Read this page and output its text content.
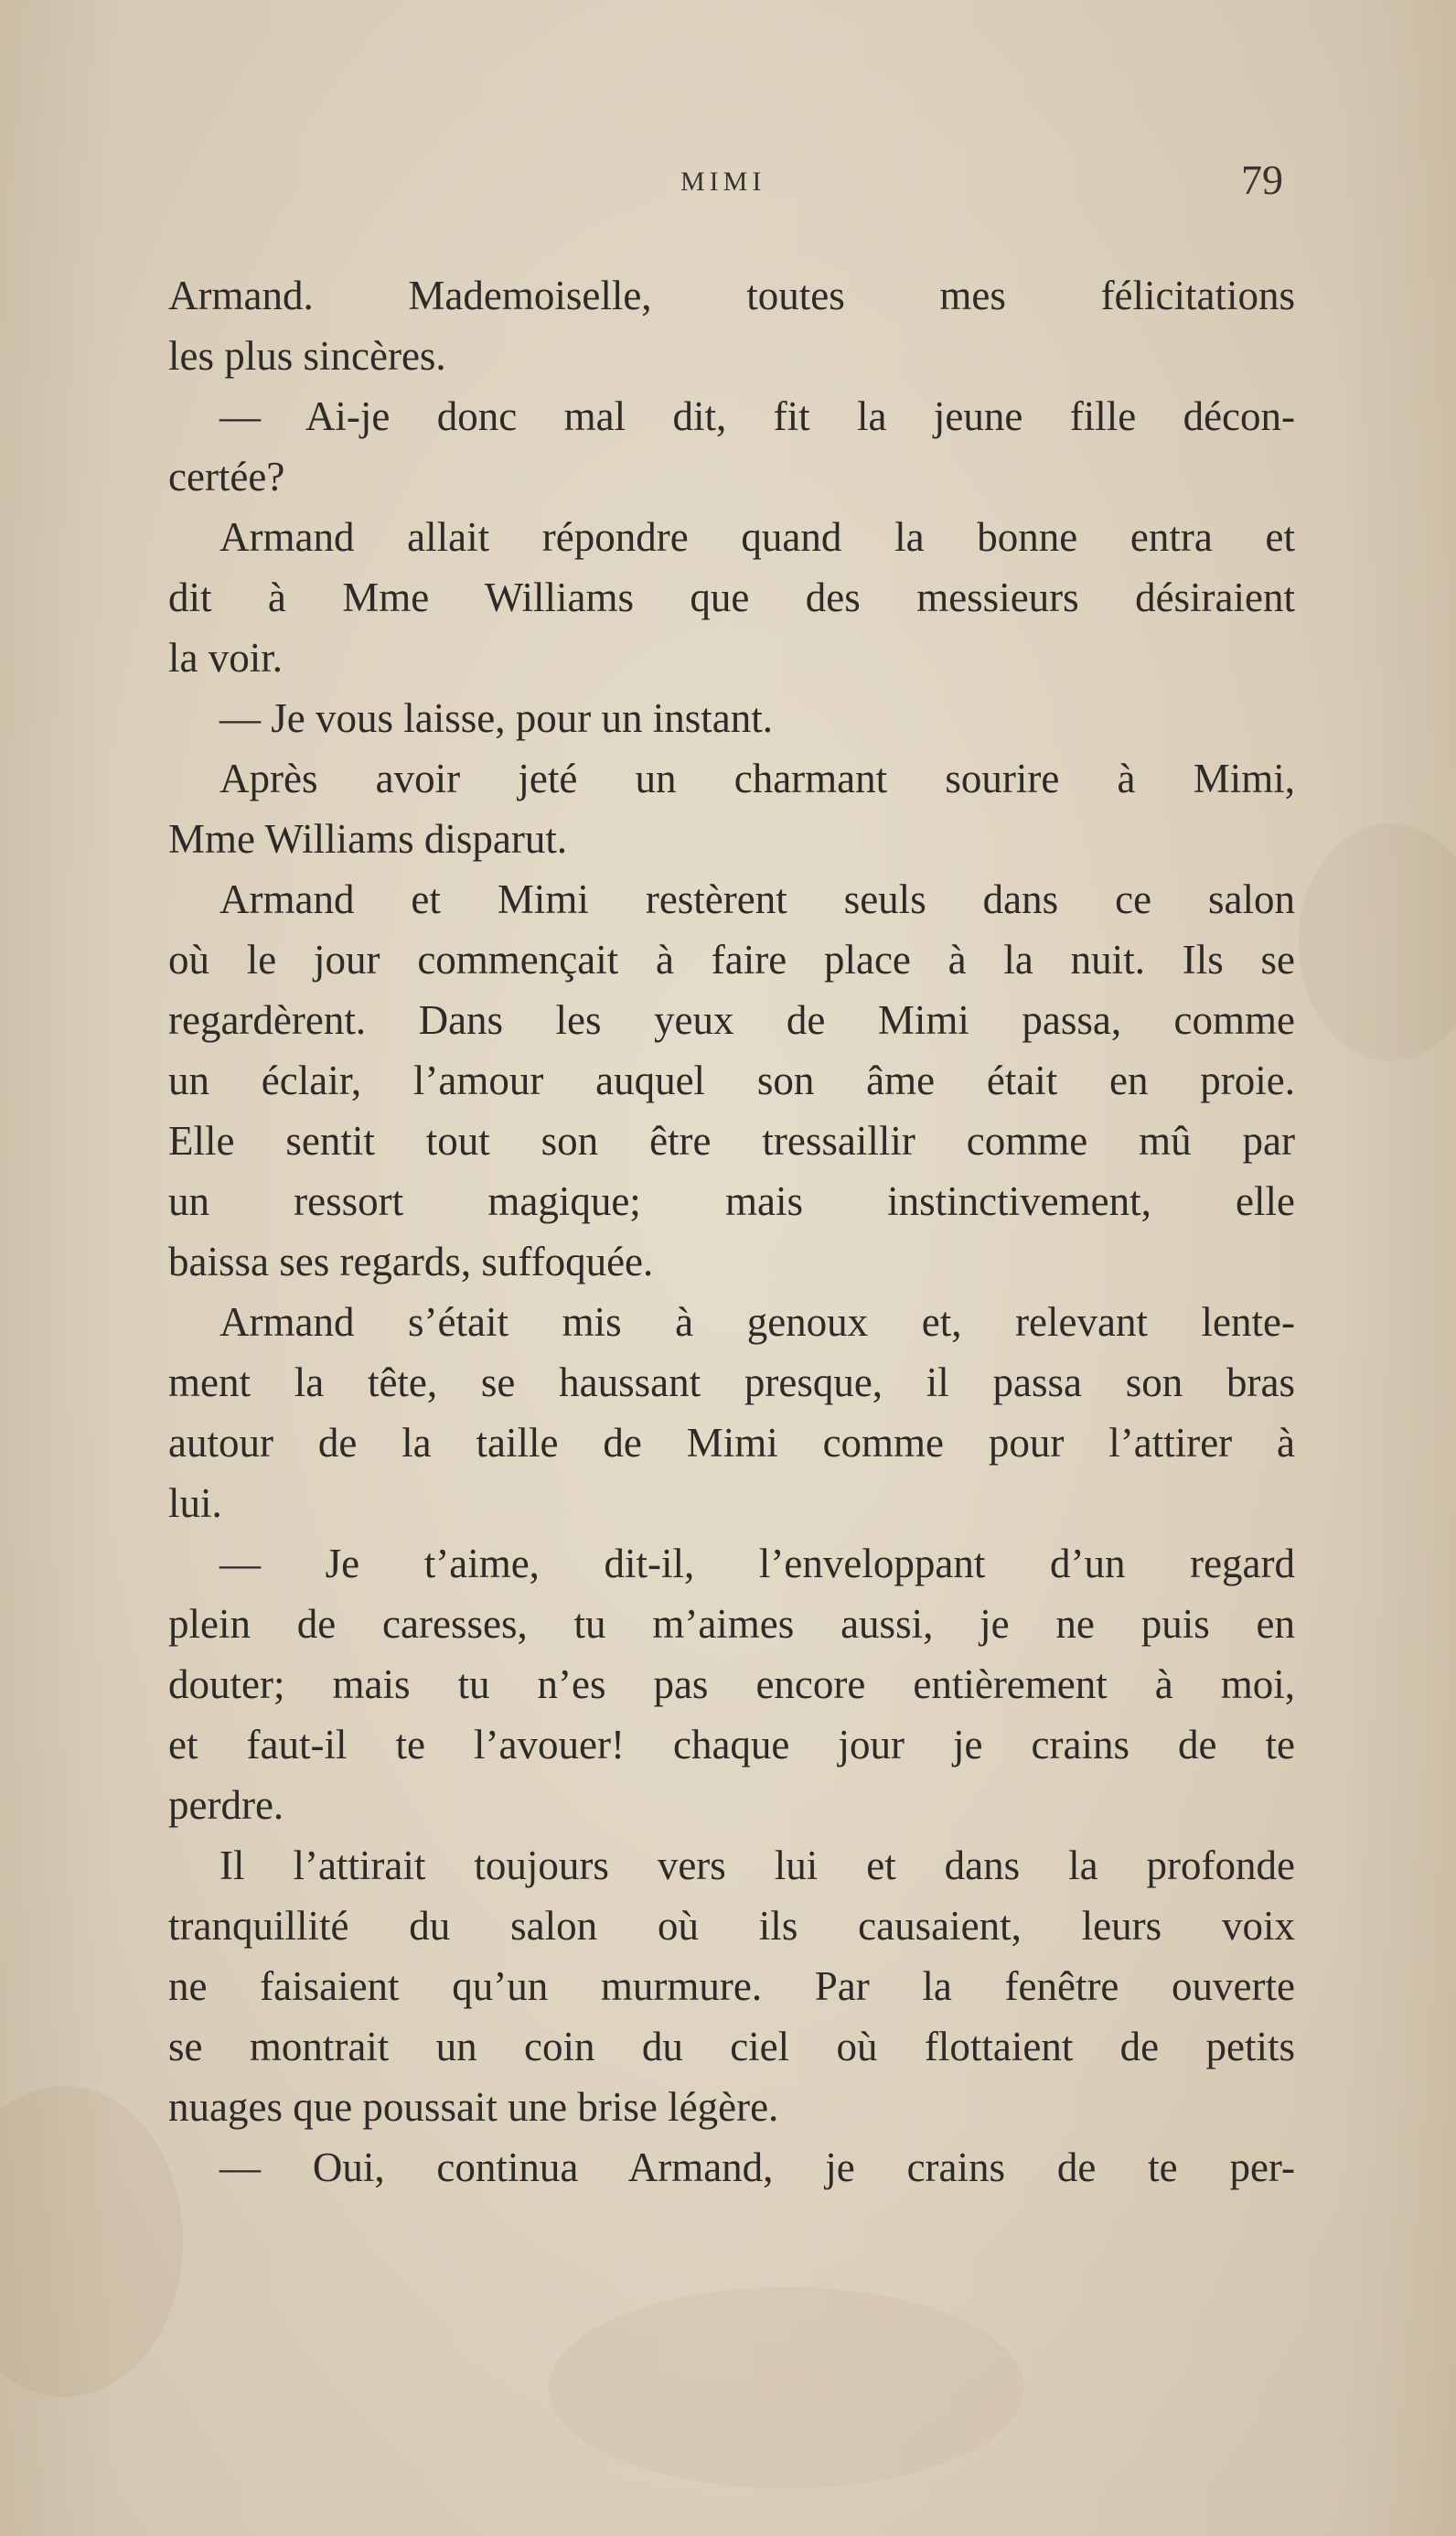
MIMI	79
Armand. Mademoiselle, toutes mes félicitations
les plus sincères.
— Ai-je donc mal dit, fit la jeune fille décon-
certée?
Armand allait répondre quand la bonne entra et
dit à Mme Williams que des messieurs désiraient
la voir.
— Je vous laisse, pour un instant.
Après avoir jeté un charmant sourire à Mimi,
Mme Williams disparut.
Armand et Mimi restèrent seuls dans ce salon
où le jour commençait à faire place à la nuit. Ils se
regardèrent. Dans les yeux de Mimi passa, comme
un éclair, l’amour auquel son âme était en proie.
Elle sentit tout son être tressaillir comme mû par
un ressort magique; mais instinctivement, elle
baissa ses regards, suffoquée.
Armand s’était mis à genoux et, relevant lente-
ment la tête, se haussant presque, il passa son bras
autour de la taille de Mimi comme pour l’attirer à
lui.
— Je t’aime, dit-il, l’enveloppant d’un regard
plein de caresses, tu m’aimes aussi, je ne puis en
douter; mais tu n’es pas encore entièrement à moi,
et faut-il te l’avouer! chaque jour je crains de te
perdre.
Il l’attirait toujours vers lui et dans la profonde
tranquillité du salon où ils causaient, leurs voix
ne faisaient qu’un murmure. Par la fenêtre ouverte
se montrait un coin du ciel où flottaient de petits
nuages que poussait une brise légère.
— Oui, continua Armand, je crains de te per-
